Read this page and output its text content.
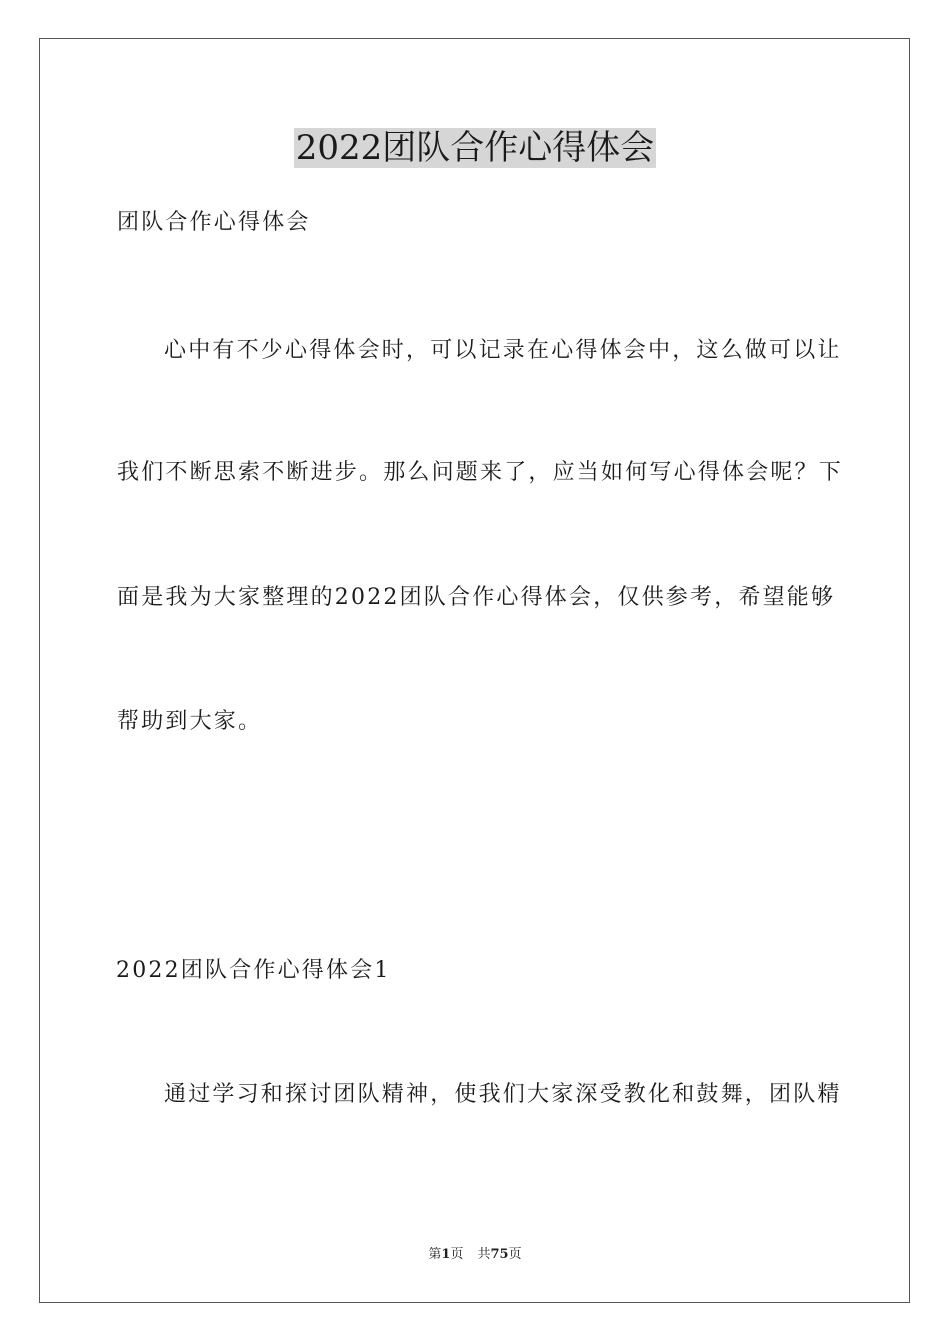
2022团队合作心得体会
团队合作心得体会
心中有不少心得体会时，可以记录在心得体会中，这么做可以让
我们不断思索不断进步。那么问题来了，应当如何写心得体会呢？下
面是我为大家整理的2022团队合作心得体会，仅供参考，希望能够
帮助到大家。
2022团队合作心得体会1
通过学习和探讨团队精神，使我们大家深受教化和鼓舞，团队精
第1页 共75页
